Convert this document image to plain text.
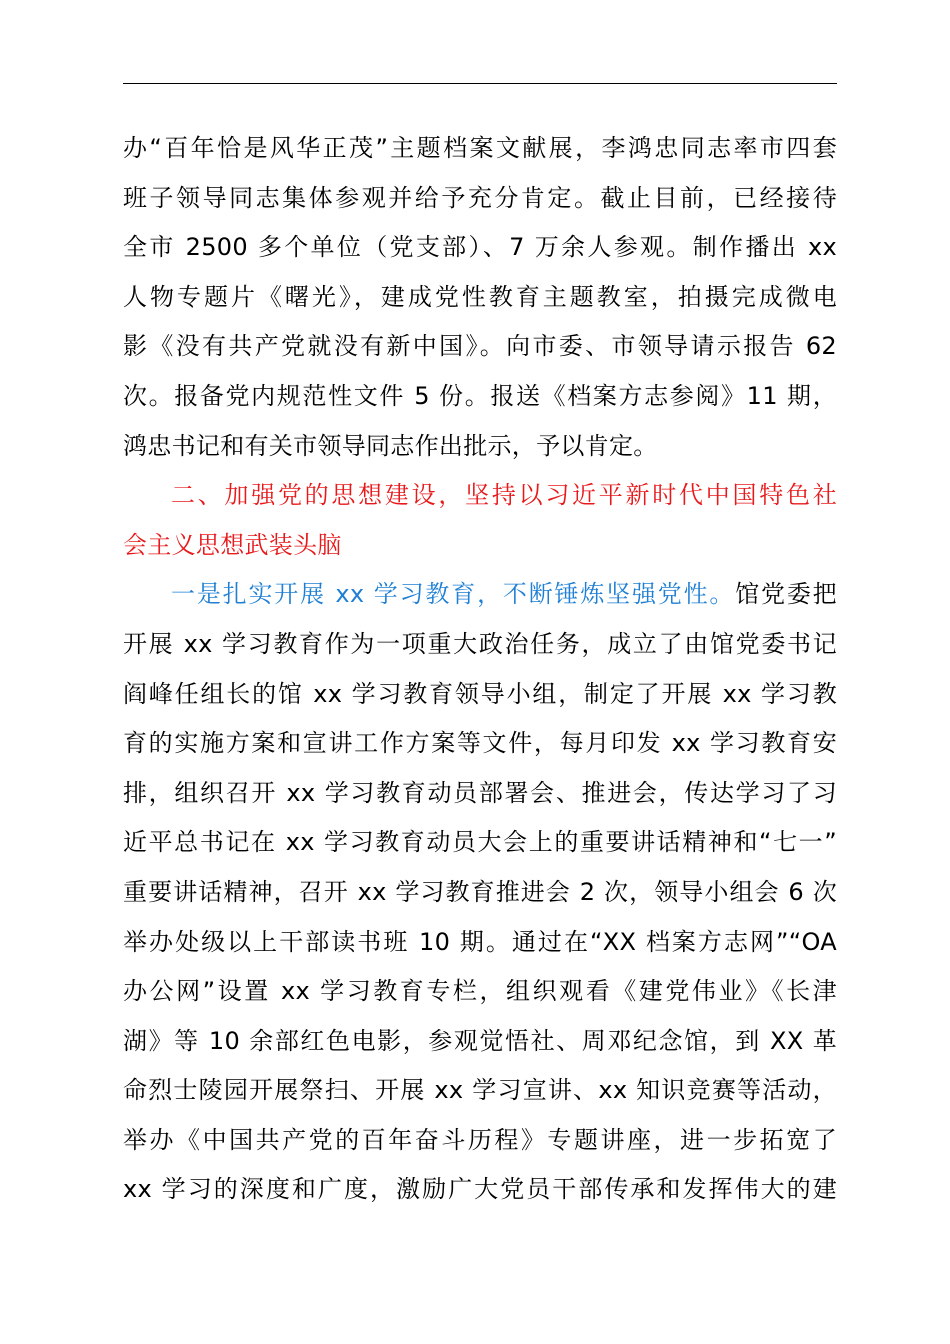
办“百年恰是风华正茂”主题档案文献展，李鸿忠同志率市四套
班子领导同志集体参观并给予充分肯定。截止目前，已经接待
全市 2500 多个单位（党支部）、7 万余人参观。制作播出 xx
人物专题片《曙光》，建成党性教育主题教室，拍摄完成微电
影《没有共产党就没有新中国》。向市委、市领导请示报告 62
次。报备党内规范性文件 5 份。报送《档案方志参阅》11 期，
鸿忠书记和有关市领导同志作出批示，予以肯定。
二、加强党的思想建设，坚持以习近平新时代中国特色社
会主义思想武装头脑
一是扎实开展 xx 学习教育，不断锤炼坚强党性。馆党委把
开展 xx 学习教育作为一项重大政治任务，成立了由馆党委书记
阎峰任组长的馆 xx 学习教育领导小组，制定了开展 xx 学习教
育的实施方案和宣讲工作方案等文件，每月印发 xx 学习教育安
排，组织召开 xx 学习教育动员部署会、推进会，传达学习了习
近平总书记在 xx 学习教育动员大会上的重要讲话精神和“七一”
重要讲话精神，召开 xx 学习教育推进会 2 次，领导小组会 6 次
举办处级以上干部读书班 10 期。通过在“XX 档案方志网”“OA
办公网”设置 xx 学习教育专栏，组织观看《建党伟业》《长津
湖》等 10 余部红色电影，参观觉悟社、周邓纪念馆，到 XX 革
命烈士陵园开展祭扫、开展 xx 学习宣讲、xx 知识竞赛等活动，
举办《中国共产党的百年奋斗历程》专题讲座，进一步拓宽了
xx 学习的深度和广度，激励广大党员干部传承和发挥伟大的建
